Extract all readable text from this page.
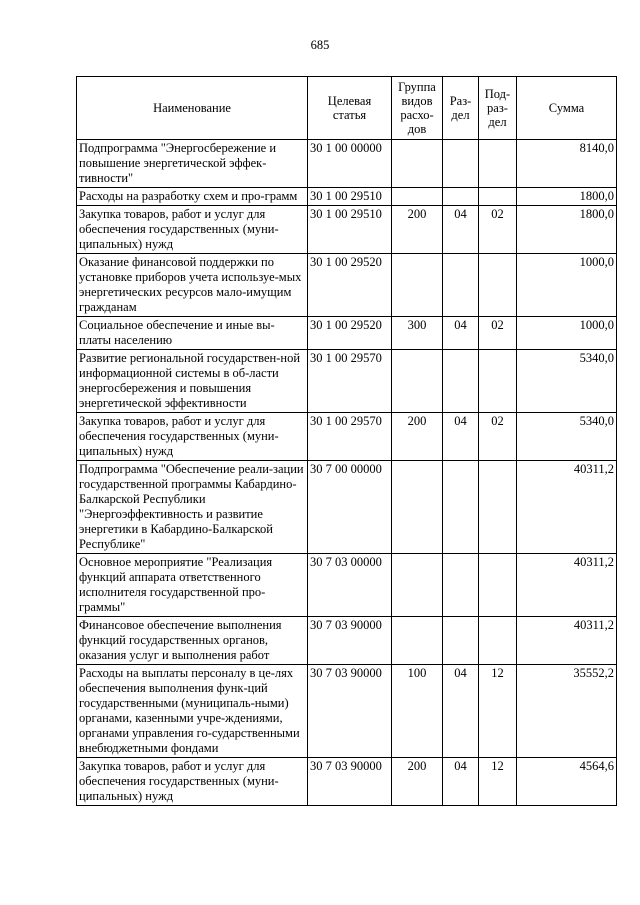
685
Наименование	Целевая статья	Группа видов расхо-дов	Раз-дел	Под-раз-дел	Сумма
Подпрограмма "Энергосбережение и повышение энергетической эффек-тивности"	30 1 00 00000				8140,0
Расходы на разработку схем и про-грамм	30 1 00 29510				1800,0
Закупка товаров, работ и услуг для обеспечения государственных (муни-ципальных) нужд	30 1 00 29510	200	04	02	1800,0
Оказание финансовой поддержки по установке приборов учета используе-мых энергетических ресурсов мало-имущим гражданам	30 1 00 29520				1000,0
Социальное обеспечение и иные вы-платы населению	30 1 00 29520	300	04	02	1000,0
Развитие региональной государствен-ной информационной системы в об-ласти энергосбережения и повышения энергетической эффективности	30 1 00 29570				5340,0
Закупка товаров, работ и услуг для обеспечения государственных (муни-ципальных) нужд	30 1 00 29570	200	04	02	5340,0
Подпрограмма "Обеспечение реали-зации государственной программы Кабардино-Балкарской Республики "Энергоэффективность и развитие энергетики в Кабардино-Балкарской Республике"	30 7 00 00000				40311,2
Основное мероприятие "Реализация функций аппарата ответственного исполнителя государственной про-граммы"	30 7 03 00000				40311,2
Финансовое обеспечение выполнения функций государственных органов, оказания услуг и выполнения работ	30 7 03 90000				40311,2
Расходы на выплаты персоналу в це-лях обеспечения выполнения функ-ций государственными (муниципаль-ными) органами, казенными учре-ждениями, органами управления го-сударственными внебюджетными фондами	30 7 03 90000	100	04	12	35552,2
Закупка товаров, работ и услуг для обеспечения государственных (муни-ципальных) нужд	30 7 03 90000	200	04	12	4564,6
